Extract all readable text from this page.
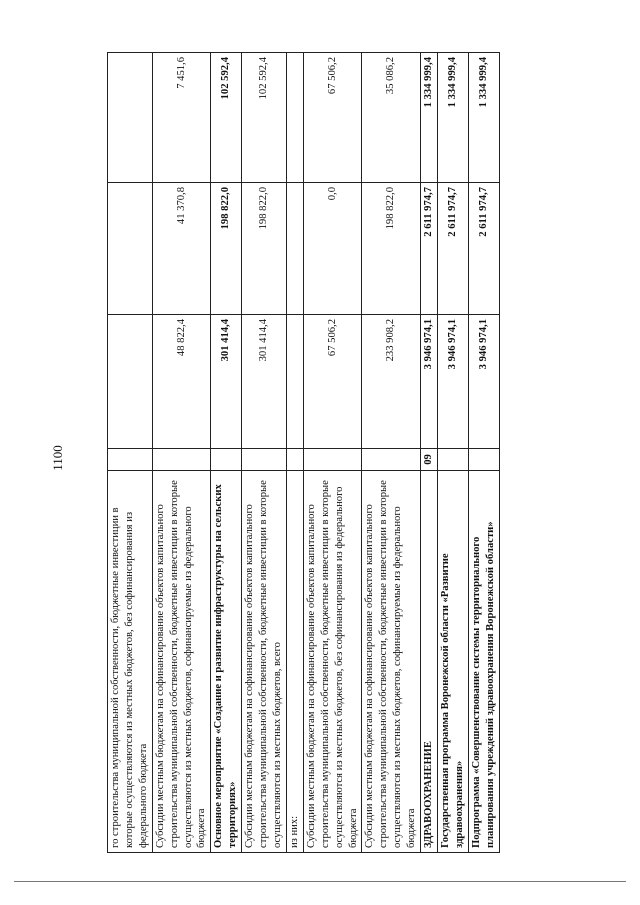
1100
го строительства муниципальной собственности, бюджетные инвестиции в которые осуществляются из местных бюджетов, без софинансирования из федерального бюджета				
Субсидии местным бюджетам на софинансирование объектов капитального строительства муниципальной собственности, бюджетные инвестиции в которые осуществляются из местных бюджетов, софинансируемые из федерального бюджета		48 822,4	41 370,8	7 451,6
Основное мероприятие «Создание и развитие инфраструктуры на сельских территориях»		301 414,4	198 822,0	102 592,4
Субсидии местным бюджетам на софинансирование объектов капитального строительства муниципальной собственности, бюджетные инвестиции в которые осуществляются из местных бюджетов, всего		301 414,4	198 822,0	102 592,4
из них:				
Субсидии местным бюджетам на софинансирование объектов капитального строительства муниципальной собственности, бюджетные инвестиции в которые осуществляются из местных бюджетов, без софинансирования из федерального бюджета		67 506,2	0,0	67 506,2
Субсидии местным бюджетам на софинансирование объектов капитального строительства муниципальной собственности, бюджетные инвестиции в которые осуществляются из местных бюджетов, софинансируемые из федерального бюджета		233 908,2	198 822,0	35 086,2
ЗДРАВООХРАНЕНИЕ	09	3 946 974,1	2 611 974,7	1 334 999,4
Государственная программа Воронежской области «Развитие здравоохранения»		3 946 974,1	2 611 974,7	1 334 999,4
Подпрограмма «Совершенствование системы территориального планирования учреждений здравоохранения Воронежской области»		3 946 974,1	2 611 974,7	1 334 999,4
